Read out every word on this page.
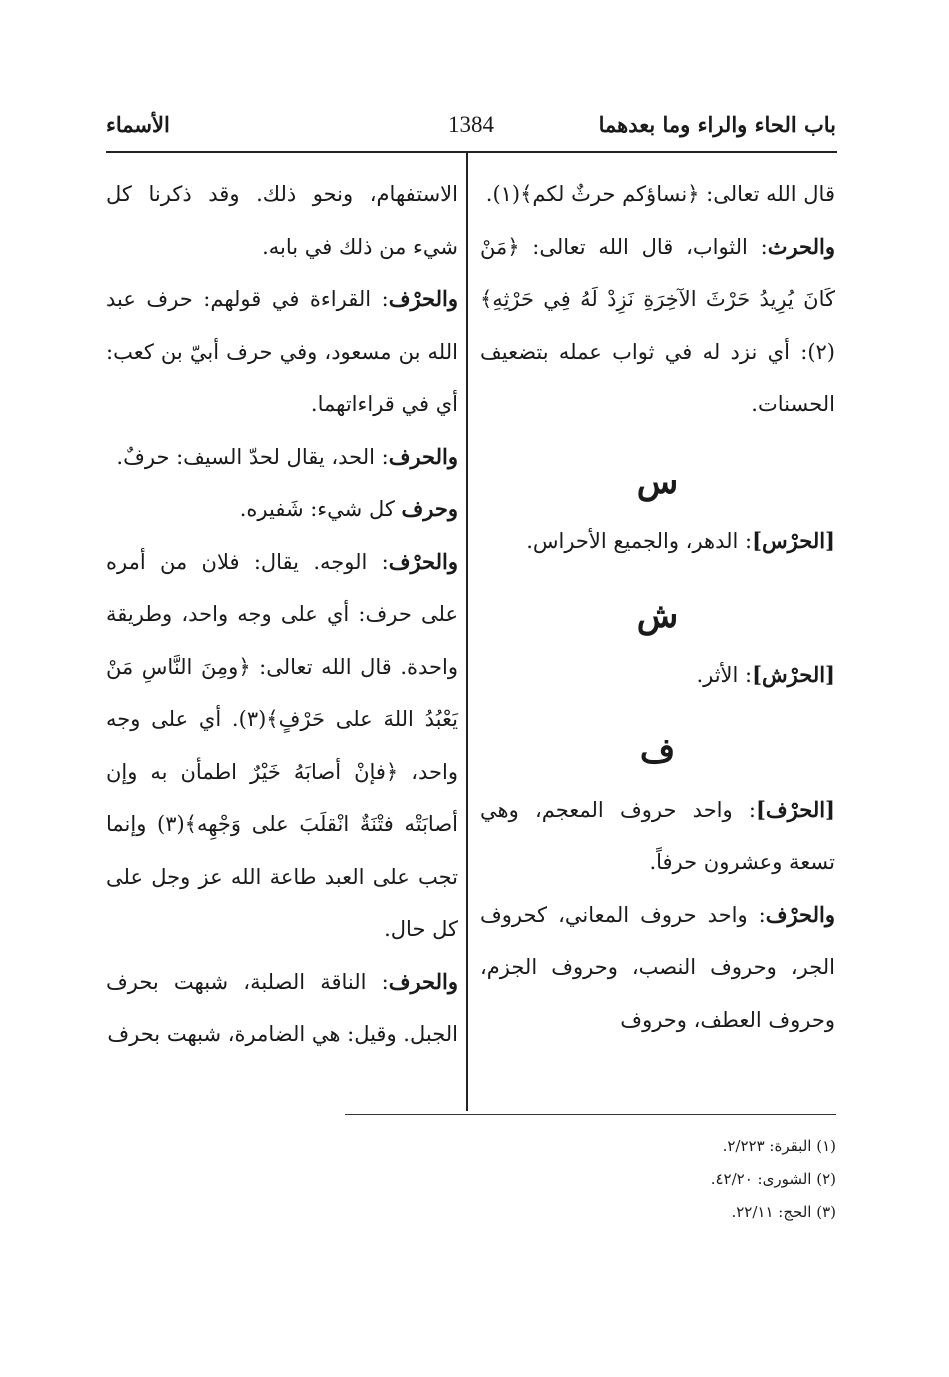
باب الحاء والراء وما بعدهما
1384
الأسماء

قال الله تعالى: ﴿نساؤكم حرثٌ لكم﴾(١).

والحرث: الثواب، قال الله تعالى: ﴿مَنْ كَانَ يُرِيدُ حَرْثَ الآخِرَةِ نَزِدْ لَهُ فِي حَرْثِهِ﴾(٢): أي نزد له في ثواب عمله بتضعيف الحسنات.

س

[الحرْس]: الدهر، والجميع الأحراس.

ش

[الحرْش]: الأثر.

ف

[الحرْف]: واحد حروف المعجم، وهي تسعة وعشرون حرفاً.

والحرْف: واحد حروف المعاني، كحروف الجر، وحروف النصب، وحروف الجزم، وحروف العطف، وحروف

الاستفهام، ونحو ذلك. وقد ذكرنا كل شيء من ذلك في بابه.

والحرْف: القراءة في قولهم: حرف عبد الله بن مسعود، وفي حرف أبيّ بن كعب: أي في قراءاتهما.

والحرف: الحد، يقال لحدّ السيف: حرفٌ.

وحرف كل شيء: شَفيره.

والحرْف: الوجه. يقال: فلان من أمره على حرف: أي على وجه واحد، وطريقة واحدة. قال الله تعالى: ﴿ومِنَ النَّاسِ مَنْ يَعْبُدُ اللهَ على حَرْفٍ﴾(٣). أي على وجه واحد، ﴿فإنْ أصابَهُ خَيْرٌ اطمأن به وإن أصابَتْه فتْنَةٌ انْقلَبَ على وَجْهِه﴾(٣) وإنما تجب على العبد طاعة الله عز وجل على كل حال.

والحرف: الناقة الصلبة، شبهت بحرف الجبل. وقيل: هي الضامرة، شبهت بحرف

(١) البقرة: ٢/٢٢٣.
(٢) الشورى: ٤٢/٢٠.
(٣) الحج: ٢٢/١١.
